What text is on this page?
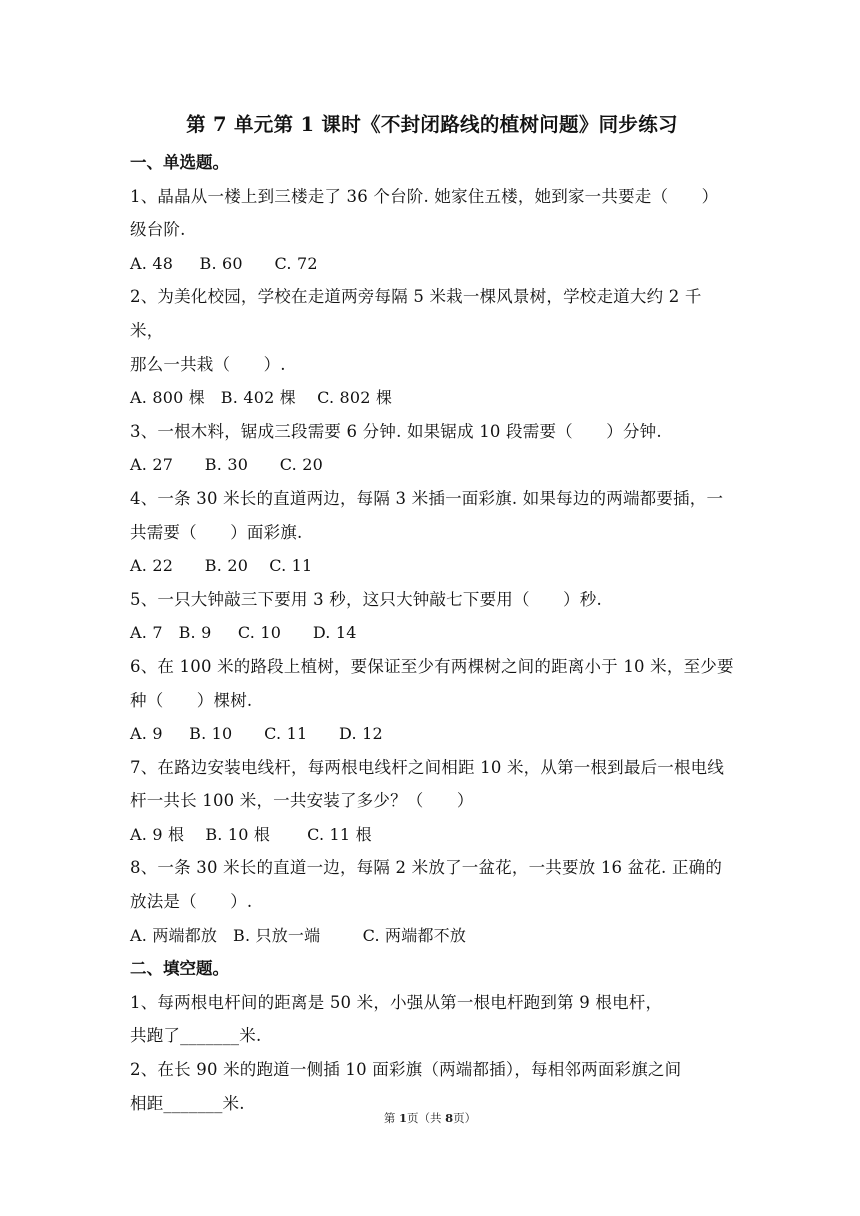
第 7 单元第 1 课时《不封闭路线的植树问题》同步练习

一、单选题。

1、晶晶从一楼上到三楼走了 36 个台阶. 她家住五楼，她到家一共要走（　　）

级台阶.

A. 48     B. 60      C. 72

2、为美化校园，学校在走道两旁每隔 5 米栽一棵风景树，学校走道大约 2 千米，

那么一共栽（　　）.

A. 800 棵   B. 402 棵    C. 802 棵

3、一根木料，锯成三段需要 6 分钟. 如果锯成 10 段需要（　　）分钟.

A. 27      B. 30      C. 20

4、一条 30 米长的直道两边，每隔 3 米插一面彩旗. 如果每边的两端都要插，一

共需要（　　）面彩旗.

A. 22      B. 20    C. 11

5、一只大钟敲三下要用 3 秒，这只大钟敲七下要用（　　）秒.

A. 7   B. 9     C. 10      D. 14

6、在 100 米的路段上植树，要保证至少有两棵树之间的距离小于 10 米，至少要

种（　　）棵树.

A. 9     B. 10      C. 11      D. 12

7、在路边安装电线杆，每两根电线杆之间相距 10 米，从第一根到最后一根电线

杆一共长 100 米，一共安装了多少？（　　）

A. 9 根    B. 10 根       C. 11 根

8、一条 30 米长的直道一边，每隔 2 米放了一盆花，一共要放 16 盆花. 正确的

放法是（　　）.

A. 两端都放   B. 只放一端        C. 两端都不放

二、填空题。

1、每两根电杆间的距离是 50 米，小强从第一根电杆跑到第 9 根电杆，

共跑了_______米.

2、在长 90 米的跑道一侧插 10 面彩旗（两端都插），每相邻两面彩旗之间

相距_______米.

第 1页（共 8页）
